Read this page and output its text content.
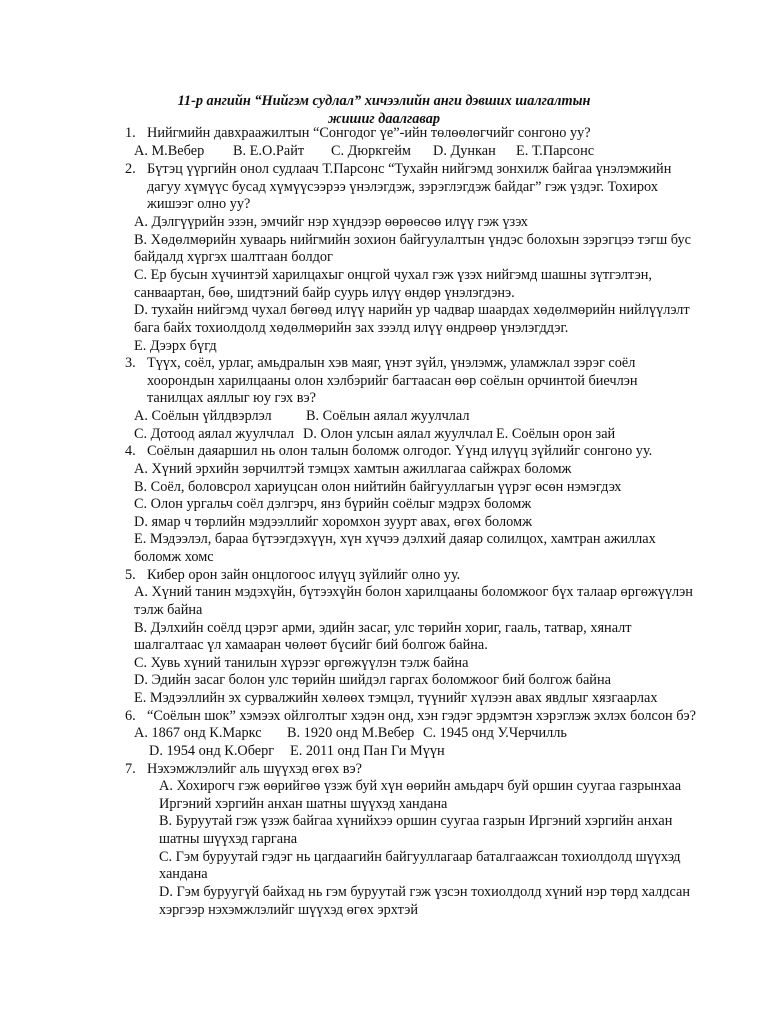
11-р ангийн “Нийгэм судлал” хичээлийн анги дэвших шалгалтын
жишиг даалгавар
1. Нийгмийн давхраажилтын “Сонгодог үе”-ийн төлөөлөгчийг сонгоно уу?
A. М.Вебер B. Е.О.Райт C. Дюркгейм D. Дункан E. Т.Парсонс
2. Бүтэц үүргийн онол судлаач Т.Парсонс “Тухайн нийгэмд зонхилж байгаа үнэлэмжийн
дагуу хүмүүс бусад хүмүүсээрээ үнэлэгдэж, зэрэглэгдэж байдаг” гэж үздэг. Тохирох
жишээг олно уу?
A. Дэлгүүрийн эзэн, эмчийг нэр хүндээр өөрөөсөө илүү гэж үзэх
B. Хөдөлмөрийн хуваарь нийгмийн зохион байгуулалтын үндэс болохын зэрэгцээ тэгш бус
байдалд хүргэх шалтгаан болдог
C. Ер бусын хүчинтэй харилцахыг онцгой чухал гэж үзэх нийгэмд шашны зүтгэлтэн,
санваартан, бөө, шидтэний байр суурь илүү өндөр үнэлэгдэнэ.
D. тухайн нийгэмд чухал бөгөөд илүү нарийн ур чадвар шаардах хөдөлмөрийн нийлүүлэлт
бага байх тохиолдолд хөдөлмөрийн зах зээлд илүү өндрөөр үнэлэгддэг.
E. Дээрх бүгд
3. Түүх, соёл, урлаг, амьдралын хэв маяг, үнэт зүйл, үнэлэмж, уламжлал зэрэг соёл
хоорондын харилцааны олон хэлбэрийг багтаасан өөр соёлын орчинтой биечлэн
танилцах аяллыг юу гэх вэ?
A. Соёлын үйлдвэрлэл B. Соёлын аялал жуулчлал
C. Дотоод аялал жуулчлал D. Олон улсын аялал жуулчлал E. Соёлын орон зай
4. Соёлын даяаршил нь олон талын боломж олгодог. Үүнд илүүц зүйлийг сонгоно уу.
A. Хүний эрхийн зөрчилтэй тэмцэх хамтын ажиллагаа сайжрах боломж
B. Соёл, боловсрол хариуцсан олон нийтийн байгууллагын үүрэг өсөн нэмэгдэх
C. Олон ургальч соёл дэлгэрч, янз бүрийн соёлыг мэдрэх боломж
D. ямар ч төрлийн мэдээллийг хоромхон зуурт авах, өгөх боломж
E. Мэдээлэл, бараа бүтээгдэхүүн, хүн хүчээ дэлхий даяар солилцох, хамтран ажиллах
боломж хомс
5. Кибер орон зайн онцлогоос илүүц зүйлийг олно уу.
A. Хүний танин мэдэхүйн, бүтээхүйн болон харилцааны боломжоог бүх талаар өргөжүүлэн
тэлж байна
B. Дэлхийн соёлд цэрэг арми, эдийн засаг, улс төрийн хориг, гааль, татвар, хяналт
шалгалтаас үл хамааран чөлөөт бүсийг бий болгож байна.
C. Хувь хүний танилын хүрээг өргөжүүлэн тэлж байна
D. Эдийн засаг болон улс төрийн шийдэл гаргах боломжоог бий болгож байна
E. Мэдээллийн эх сурвалжийн хөлөөх тэмцэл, түүнийг хүлээн авах явдлыг хязгаарлах
6. “Соёлын шок” хэмээх ойлголтыг хэдэн онд, хэн гэдэг эрдэмтэн хэрэглэж эхлэх болсон бэ?
A. 1867 онд К.Маркс B. 1920 онд М.Вебер C. 1945 онд У.Черчилль
D. 1954 онд К.Оберг E. 2011 онд Пан Ги Мүүн
7. Нэхэмжлэлийг аль шүүхэд өгөх вэ?
A. Хохирогч гэж өөрийгөө үзэж буй хүн өөрийн амьдарч буй оршин суугаа газрынхаа
Иргэний хэргийн анхан шатны шүүхэд хандана
B. Буруутай гэж үзэж байгаа хүнийхээ оршин суугаа газрын Иргэний хэргийн анхан
шатны шүүхэд гаргана
C. Гэм буруутай гэдэг нь цагдаагийн байгууллагаар баталгаажсан тохиолдолд шүүхэд
хандана
D. Гэм буруугүй байхад нь гэм буруутай гэж үзсэн тохиолдолд хүний нэр төрд халдсан
хэргээр нэхэмжлэлийг шүүхэд өгөх эрхтэй
